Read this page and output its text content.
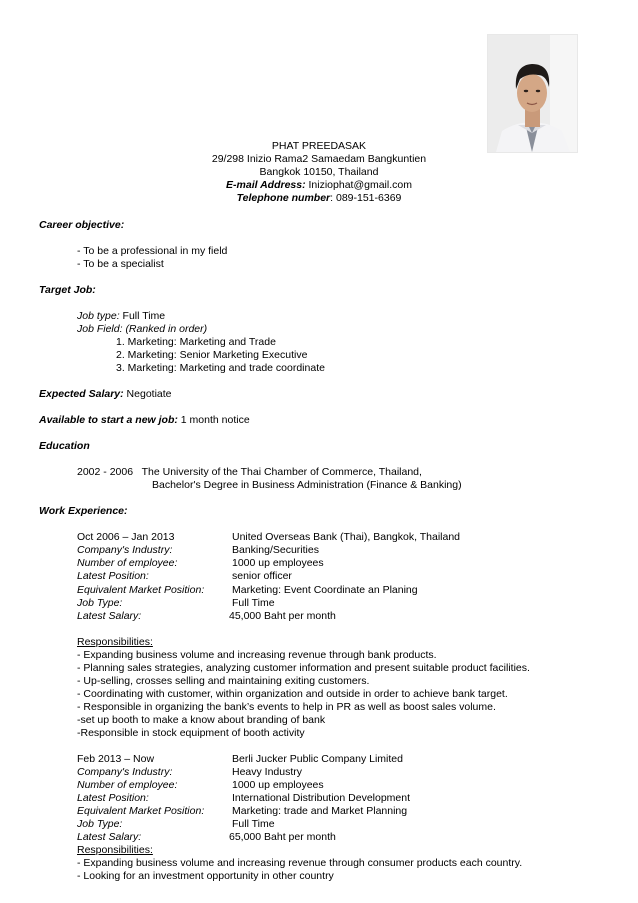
PHAT PREEDASAK
29/298 Inizio Rama2 Samaedam Bangkuntien
Bangkok 10150, Thailand
E-mail Address: Iniziophat@gmail.com
Telephone number: 089-151-6369
Career objective:
- To be a professional in my field
- To be a specialist
Target Job:
Job type: Full Time
Job Field: (Ranked in order)
1. Marketing: Marketing and Trade
2. Marketing: Senior Marketing Executive
3. Marketing: Marketing and trade coordinate
Expected Salary: Negotiate
Available to start a new job: 1 month notice
Education
2002 - 2006   The University of the Thai Chamber of Commerce, Thailand,
Bachelor's Degree in Business Administration (Finance & Banking)
Work Experience:
Oct 2006 – Jan 2013	United Overseas Bank (Thai), Bangkok, Thailand
Company's Industry:	Banking/Securities
Number of employee:	1000 up employees
Latest Position:	senior officer
Equivalent Market Position:	Marketing: Event Coordinate an Planing
Job Type:	Full Time
Latest Salary:	45,000 Baht per month
Responsibilities:
- Expanding business volume and increasing revenue through bank products.
- Planning sales strategies, analyzing customer information and present suitable product facilities.
- Up-selling, crosses selling and maintaining exiting customers.
- Coordinating with customer, within organization and outside in order to achieve bank target.
- Responsible in organizing the bank’s events to help in PR as well as boost sales volume.
-set up booth to make a know about branding of bank
-Responsible in stock equipment of booth activity
Feb 2013 – Now	Berli Jucker Public Company Limited
Company's Industry:	Heavy Industry
Number of employee:	1000 up employees
Latest Position:	International Distribution Development
Equivalent Market Position:	Marketing: trade and Market Planning
Job Type:	Full Time
Latest Salary:	65,000 Baht per month
Responsibilities:
- Expanding business volume and increasing revenue through consumer products each country.
- Looking for an investment opportunity in other country
